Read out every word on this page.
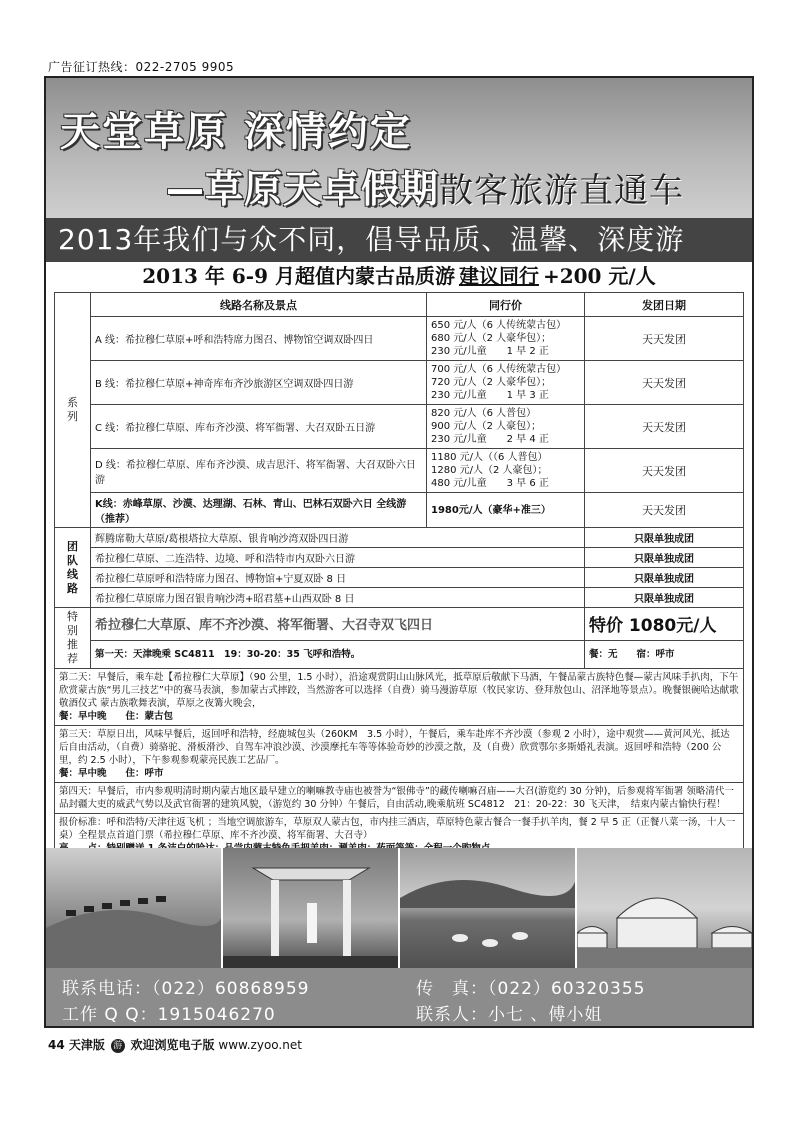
广告征订热线：022-2705 9905
天堂草原 深情约定
—草原天卓假期散客旅游直通车
2013年我们与众不同，倡导品质、温馨、深度游
2013 年 6-9 月超值内蒙古品质游 建议同行 +200 元/人
系
列	线路名称及景点	同行价	发团日期
	A 线：希拉穆仁草原+呼和浩特席力图召、博物馆空调双卧四日	650 元/人（6 人传统蒙古包）
680 元/人（2 人豪华包）；
230 元/儿童　　1 早 2 正	天天发团
	B 线：希拉穆仁草原+神奇库布齐沙旅游区空调双卧四日游	700 元/人（6 人传统蒙古包）
720 元/人（2 人豪华包）；
230 元/儿童　　1 早 3 正	天天发团
	C 线：希拉穆仁草原、库布齐沙漠、将军衙署、大召双卧五日游	820 元/人（6 人普包）
900 元/人（2 人豪包）；
230 元/儿童　　2 早 4 正	天天发团
	D 线：希拉穆仁草原、库布齐沙漠、成吉思汗、将军衙署、大召双卧六日游	1180 元/人（（6 人普包）
1280 元/人（2 人豪包）；
480 元/儿童　　3 早 6 正	天天发团
	K线：赤峰草原、沙漠、达理湖、石林、青山、巴林石双卧六日 全线游（推荐）	1980元/人（豪华+准三）	天天发团
团
队
线
路	辉腾席勒大草原/葛根塔拉大草原、银肯响沙湾双卧四日游		只限单独成团
	希拉穆仁草原、二连浩特、边境、呼和浩特市内双卧六日游		只限单独成团
	希拉穆仁草原呼和浩特席力图召、博物馆+宁夏双卧 8 日		只限单独成团
	希拉穆仁草原席力图召银肯响沙湾+昭君墓+山西双卧 8 日		只限单独成团
特
别
推
荐	希拉穆仁大草原、库不齐沙漠、将军衙署、大召寺双飞四日		特价 1080元/人
	第一天：天津晚乘 SC4811　19：30-20：35 飞呼和浩特。		餐：无　　 宿：呼市

第二天：早餐后，乘车赴【希拉穆仁大草原】（90 公里，1.5 小时），沿途观赏阴山山脉风光，抵草原后敬献下马酒，午餐品蒙古族特色餐—蒙古风味手扒肉，下午欣赏蒙古族“男儿三技艺”中的赛马表演，参加蒙古式摔跤，当然游客可以选择（自费）骑马漫游草原（牧民家访、登拜敖包山、沼泽地等景点）。晚餐银碗哈达献歌敬酒仪式 蒙古族歌舞表演，草原之夜篝火晚会，
餐：早中晚　　住：蒙古包			

第三天：草原日出，风味早餐后，返回呼和浩特，经鹿城包头（260KM　3.5 小时），午餐后，乘车赴库不齐沙漠（参观 2 小时），途中观赏——黄河风光、抵达后自由活动，（自费）骑骆驼、滑板滑沙、自驾车冲浪沙漠、沙漠摩托车等等体验奇妙的沙漠之散，及（自费）欣赏鄂尔多斯婚礼表演。返回呼和浩特（200 公里，约 2.5 小时），下午参观参观蒙亮民族工艺品厂。
餐：早中晚　　住：呼市			

第四天：早餐后，市内参观明清时期内蒙古地区最早建立的喇嘛教寺庙也被誉为“银佛寺”的藏传喇嘛召庙——大召(游览约 30 分钟)，后参观将军衙署 领略清代一品封疆大吏的威武气势以及武官衙署的建筑风貌，（游览约 30 分钟）午餐后，自由活动,晚乘航班 SC4812　21：20-22：30 飞天津，　结束内蒙古愉快行程！			

报价标准：呼和浩特/天津往返飞机 ；当地空调旅游车，草原双人蒙古包，市内挂三酒店，草原特色蒙古餐合一餐手扒羊肉，餐 2 早 5 正（正餐八菜一汤，十人一桌）全程景点首道门票（希拉穆仁草原、库不齐沙漠、将军衙署、大召寺）			
联系电话：（022）60868959	传　真：（022）60320355
工作 Q Q：1915046270	联系人：小七 、傅小姐
44 天津版 游 欢迎浏览电子版 www.zyoo.net
